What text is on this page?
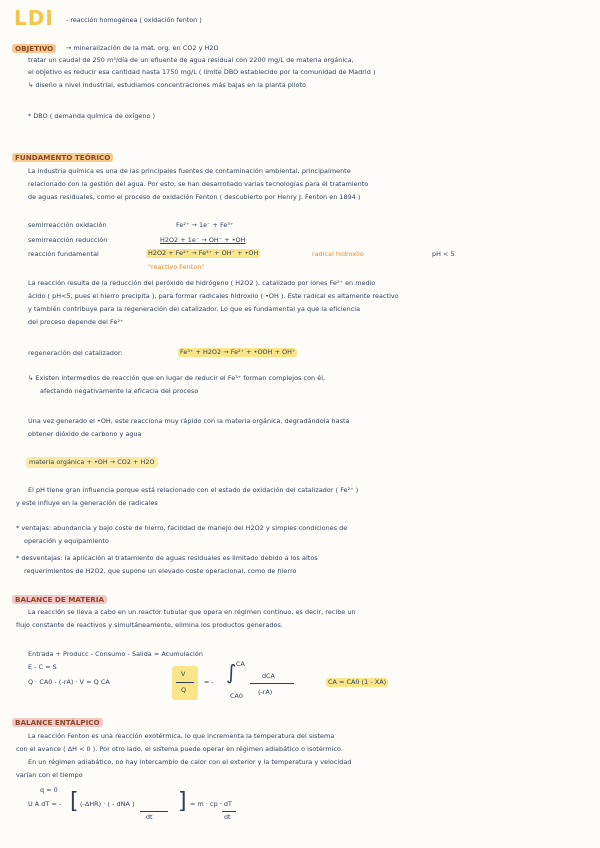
LDI - reacción homogénea ( oxidación fenton )
OBJETIVO	→ mineralización de la mat. org. en CO2 y H2O
tratar un caudal de 250 m³/día de un efluente de agua residual con 2200 mg/L de materia orgánica,
el objetivo es reducir esa cantidad hasta 1750 mg/L ( límite DBO establecido por la comunidad de Madrid )
↳ diseño a nivel industrial, estudiamos concentraciones más bajas en la planta piloto
* DBO ( demanda química de oxígeno )
FUNDAMENTO TEÓRICO
La industria química es una de las principales fuentes de contaminación ambiental, principalmente
relacionado con la gestión del agua. Por esto, se han desarrollado varias tecnologías para el tratamiento
de aguas residuales, como el proceso de oxidación Fenton ( descubierto por Henry J. Fenton en 1894 )
semirreacción oxidación	Fe²⁺ → 1e⁻ + Fe³⁺
semirreacción reducción	H2O2 + 1e⁻ → OH⁻ + •OH
reacción fundamental	H2O2 + Fe²⁺ → Fe³⁺ + OH⁻ + •OH	radical hidroxilo	pH < 5
"reactivo Fenton"
La reacción resulta de la reducción del peróxido de hidrógeno ( H2O2 ), catalizado por iones Fe²⁺ en medio
ácido ( pH<5, pues el hierro precipita ), para formar radicales hidroxilo ( •OH ). Este radical es altamente reactivo
y también contribuye para la regeneración del catalizador. Lo que es fundamental ya que la eficiencia
del proceso depende del Fe²⁺
regeneración del catalizador:	Fe³⁺ + H2O2 → Fe²⁺ + •OOH + OH⁺
↳ Existen intermedios de reacción que en lugar de reducir el Fe³⁺ forman complejos con él,
afectando negativamente la eficacia del proceso
Una vez generado el •OH, este reacciona muy rápido con la materia orgánica, degradándola hasta
obtener dióxido de carbono y agua
materia orgánica + •OH → CO2 + H2O
El pH tiene gran influencia porque está relacionado con el estado de oxidación del catalizador ( Fe²⁺ )
y este influye en la generación de radicales
* ventajas: abundancia y bajo coste de hierro, facilidad de manejo del H2O2 y simples condiciones de
operación y equipamiento
* desventajas: la aplicación al tratamiento de aguas residuales es limitado debido a los altos
requerimientos de H2O2, que supone un elevado coste operacional, como de hierro
BALANCE DE MATERIA
La reacción se lleva a cabo en un reactor tubular que opera en régimen continuo, es decir, recibe un
flujo constante de reactivos y simultáneamente, elimina los productos generados.
Entrada + Producc - Consumo - Salida = Acumulación
E - C = S
Q · CA0 - (-rA) · V = Q CA
V
Q
= - ∫ CA
CA0
dCA
(-rA)
CA = CA0 (1 - XA)
BALANCE ENTÁLPICO
La reacción Fenton es una reacción exotérmica, lo que incrementa la temperatura del sistema
con el avance ( ΔH < 0 ). Por otro lado, el sistema puede operar en régimen adiabático o isotérmico.
En un régimen adiabático, no hay intercambio de calor con el exterior y la temperatura y velocidad
varían con el tiempo
q = 0
U A dT = - [ (-ΔHR) · ( - dNA )
dt
] = m · cp · dT
dt
